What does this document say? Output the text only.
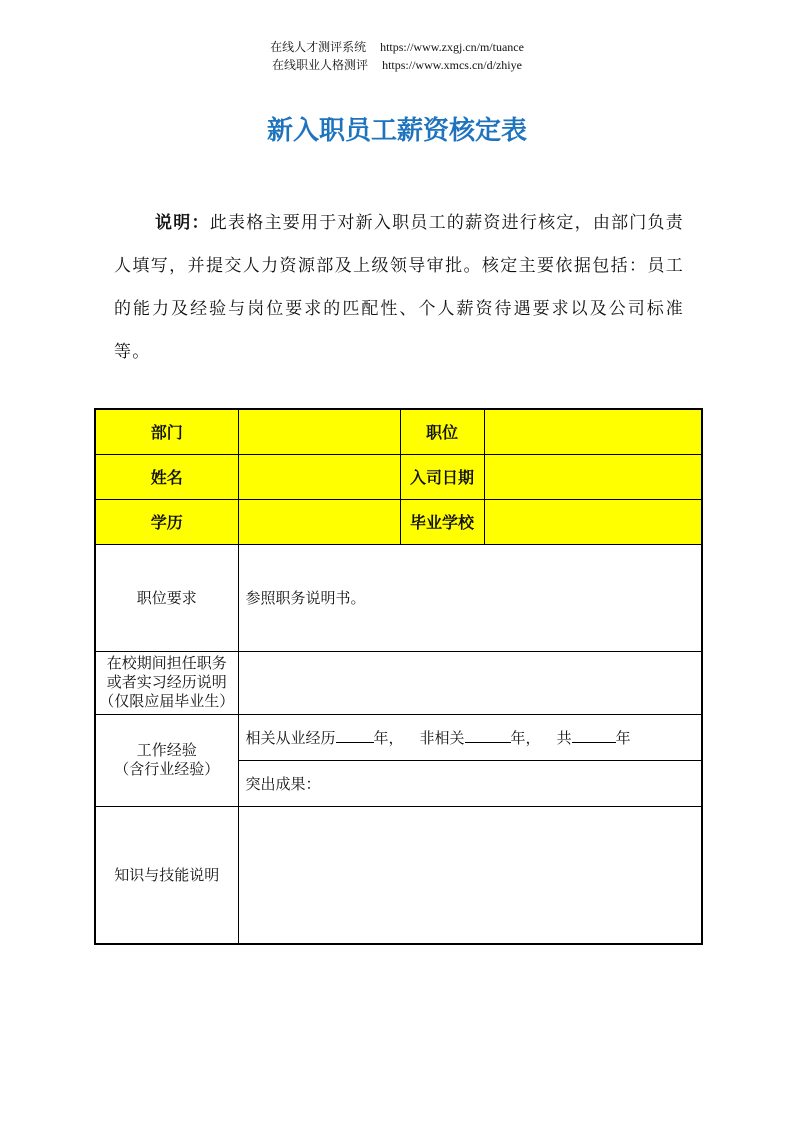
在线人才测评系统 https://www.zxgj.cn/m/tuance
在线职业人格测评 https://www.xmcs.cn/d/zhiye
新入职员工薪资核定表
说明：此表格主要用于对新入职员工的薪资进行核定，由部门负责人填写，并提交人力资源部及上级领导审批。核定主要依据包括：员工的能力及经验与岗位要求的匹配性、个人薪资待遇要求以及公司标准等。
部门		职位	
姓名		入司日期	
学历		毕业学校	
职位要求	参照职务说明书。		

在校期间担任职务
或者实习经历说明
（仅限应届毕业生）			

工作经验
（含行业经验）	相关从业经历 年， 非相关 年， 共 年		
	突出成果：		
知识与技能说明			
